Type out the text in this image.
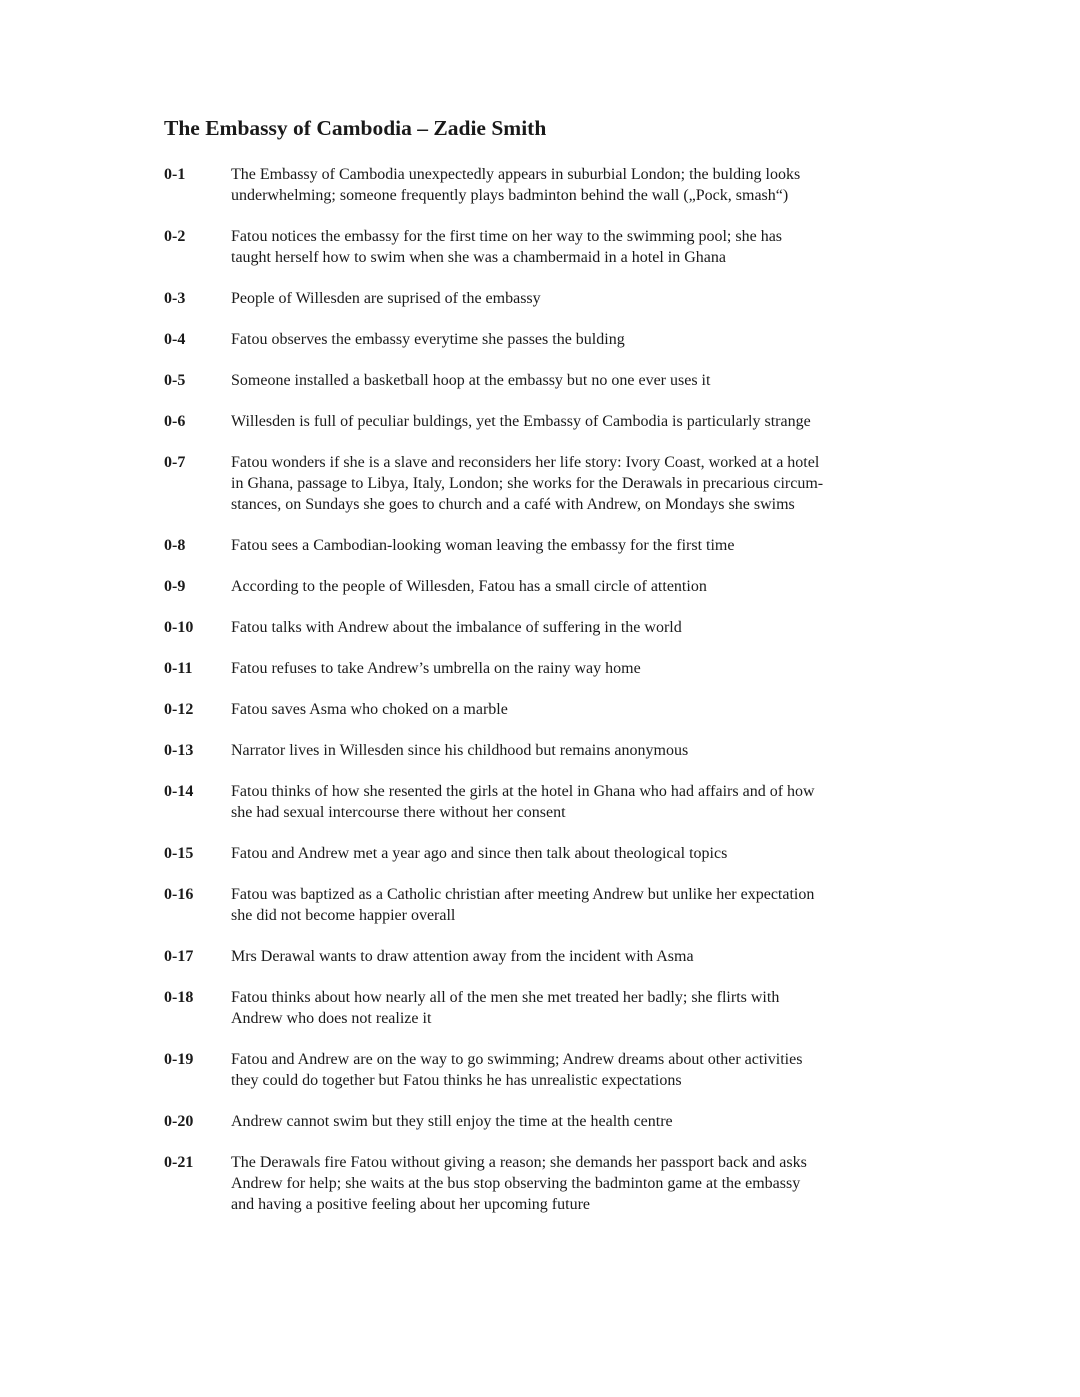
The Embassy of Cambodia – Zadie Smith
0-1	The Embassy of Cambodia unexpectedly appears in suburbial London; the bulding looks
underwhelming; someone frequently plays badminton behind the wall („Pock, smash“)
0-2	Fatou notices the embassy for the first time on her way to the swimming pool; she has
taught herself how to swim when she was a chambermaid in a hotel in Ghana
0-3	People of Willesden are suprised of the embassy
0-4	Fatou observes the embassy everytime she passes the bulding
0-5	Someone installed a basketball hoop at the embassy but no one ever uses it
0-6	Willesden is full of peculiar buldings, yet the Embassy of Cambodia is particularly strange
0-7	Fatou wonders if she is a slave and reconsiders her life story: Ivory Coast, worked at a hotel
in Ghana, passage to Libya, Italy, London; she works for the Derawals in precarious circum-
stances, on Sundays she goes to church and a café with Andrew, on Mondays she swims
0-8	Fatou sees a Cambodian-looking woman leaving the embassy for the first time
0-9	According to the people of Willesden, Fatou has a small circle of attention
0-10	Fatou talks with Andrew about the imbalance of suffering in the world
0-11	Fatou refuses to take Andrew’s umbrella on the rainy way home
0-12	Fatou saves Asma who choked on a marble
0-13	Narrator lives in Willesden since his childhood but remains anonymous
0-14	Fatou thinks of how she resented the girls at the hotel in Ghana who had affairs and of how
she had sexual intercourse there without her consent
0-15	Fatou and Andrew met a year ago and since then talk about theological topics
0-16	Fatou was baptized as a Catholic christian after meeting Andrew but unlike her expectation
she did not become happier overall
0-17	Mrs Derawal wants to draw attention away from the incident with Asma
0-18	Fatou thinks about how nearly all of the men she met treated her badly; she flirts with
Andrew who does not realize it
0-19	Fatou and Andrew are on the way to go swimming; Andrew dreams about other activities
they could do together but Fatou thinks he has unrealistic expectations
0-20	Andrew cannot swim but they still enjoy the time at the health centre
0-21	The Derawals fire Fatou without giving a reason; she demands her passport back and asks
Andrew for help; she waits at the bus stop observing the badminton game at the embassy
and having a positive feeling about her upcoming future
